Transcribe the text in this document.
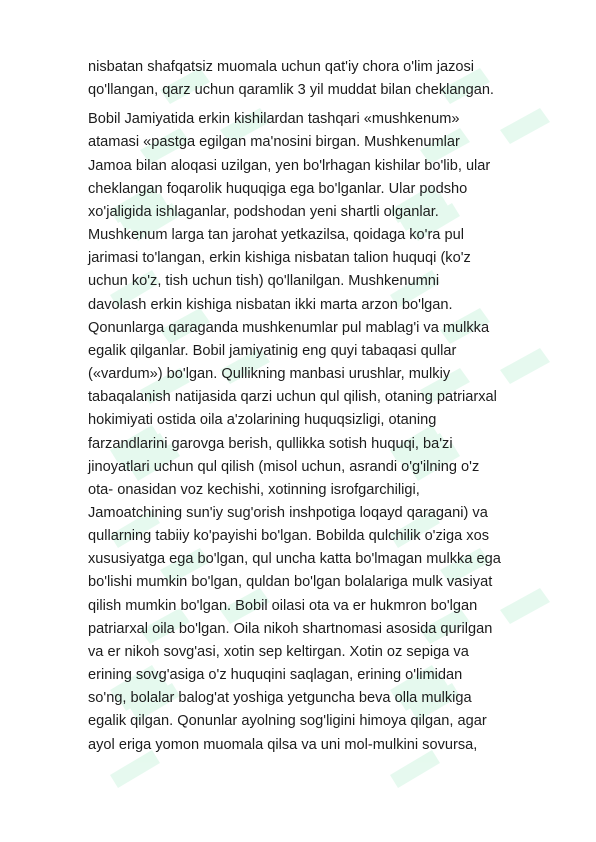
nisbatan shafqatsiz muomala uchun qat'iy chora o'lim jazosi
qo'llangan, qarz uchun qaramlik 3 yil muddat bilan cheklangan.
Bobil Jamiyatida erkin kishilardan tashqari «mushkenum»
atamasi «pastga egilgan ma'nosini birgan. Mushkenumlar
Jamoa bilan aloqasi uzilgan, yen bo'lrhagan kishilar bo'lib, ular
cheklangan foqarolik huquqiga ega bo'lganlar. Ular podsho
xo'jaligida ishlaganlar, podshodan yeni shartli olganlar.
Mushkenum larga tan jarohat yetkazilsa, qoidaga ko'ra pul
jarimasi to'langan, erkin kishiga nisbatan talion huquqi (ko'z
uchun ko'z, tish uchun tish) qo'llanilgan. Mushkenumni
davolash erkin kishiga nisbatan ikki marta arzon bo'lgan.
Qonunlarga qaraganda mushkenumlar pul mablag'i va mulkka
egalik qilganlar. Bobil jamiyatinig eng quyi tabaqasi qullar
(«vardum») bo'lgan. Qullikning manbasi urushlar, mulkiy
tabaqalanish natijasida qarzi uchun qul qilish, otaning patriarxal
hokimiyati ostida oila a'zolarining huquqsizligi, otaning
farzandlarini garovga berish, qullikka sotish huquqi, ba'zi
jinoyatlari uchun qul qilish (misol uchun, asrandi o'g'ilning o'z
ota- onasidan voz kechishi, xotinning isrofgarchiligi,
Jamoatchining sun'iy sug'orish inshpotiga loqayd qaragani) va
qullarning tabiiy ko'payishi bo'lgan. Bobilda qulchilik o'ziga xos
xususiyatga ega bo'lgan, qul uncha katta bo'lmagan mulkka ega
bo'lishi mumkin bo'lgan, quldan bo'lgan bolalariga mulk vasiyat
qilish mumkin bo'lgan. Bobil oilasi ota va er hukmron bo'lgan
patriarxal oila bo'lgan. Oila nikoh shartnomasi asosida qurilgan
va er nikoh sovg'asi, xotin sep keltirgan. Xotin oz sepiga va
erining sovg'asiga o'z huquqini saqlagan, erining o'limidan
so'ng, bolalar balog'at yoshiga yetguncha beva olla mulkiga
egalik qilgan. Qonunlar ayolning sog'ligini himoya qilgan, agar
ayol eriga yomon muomala qilsa va uni mol-mulkini sovursa,
